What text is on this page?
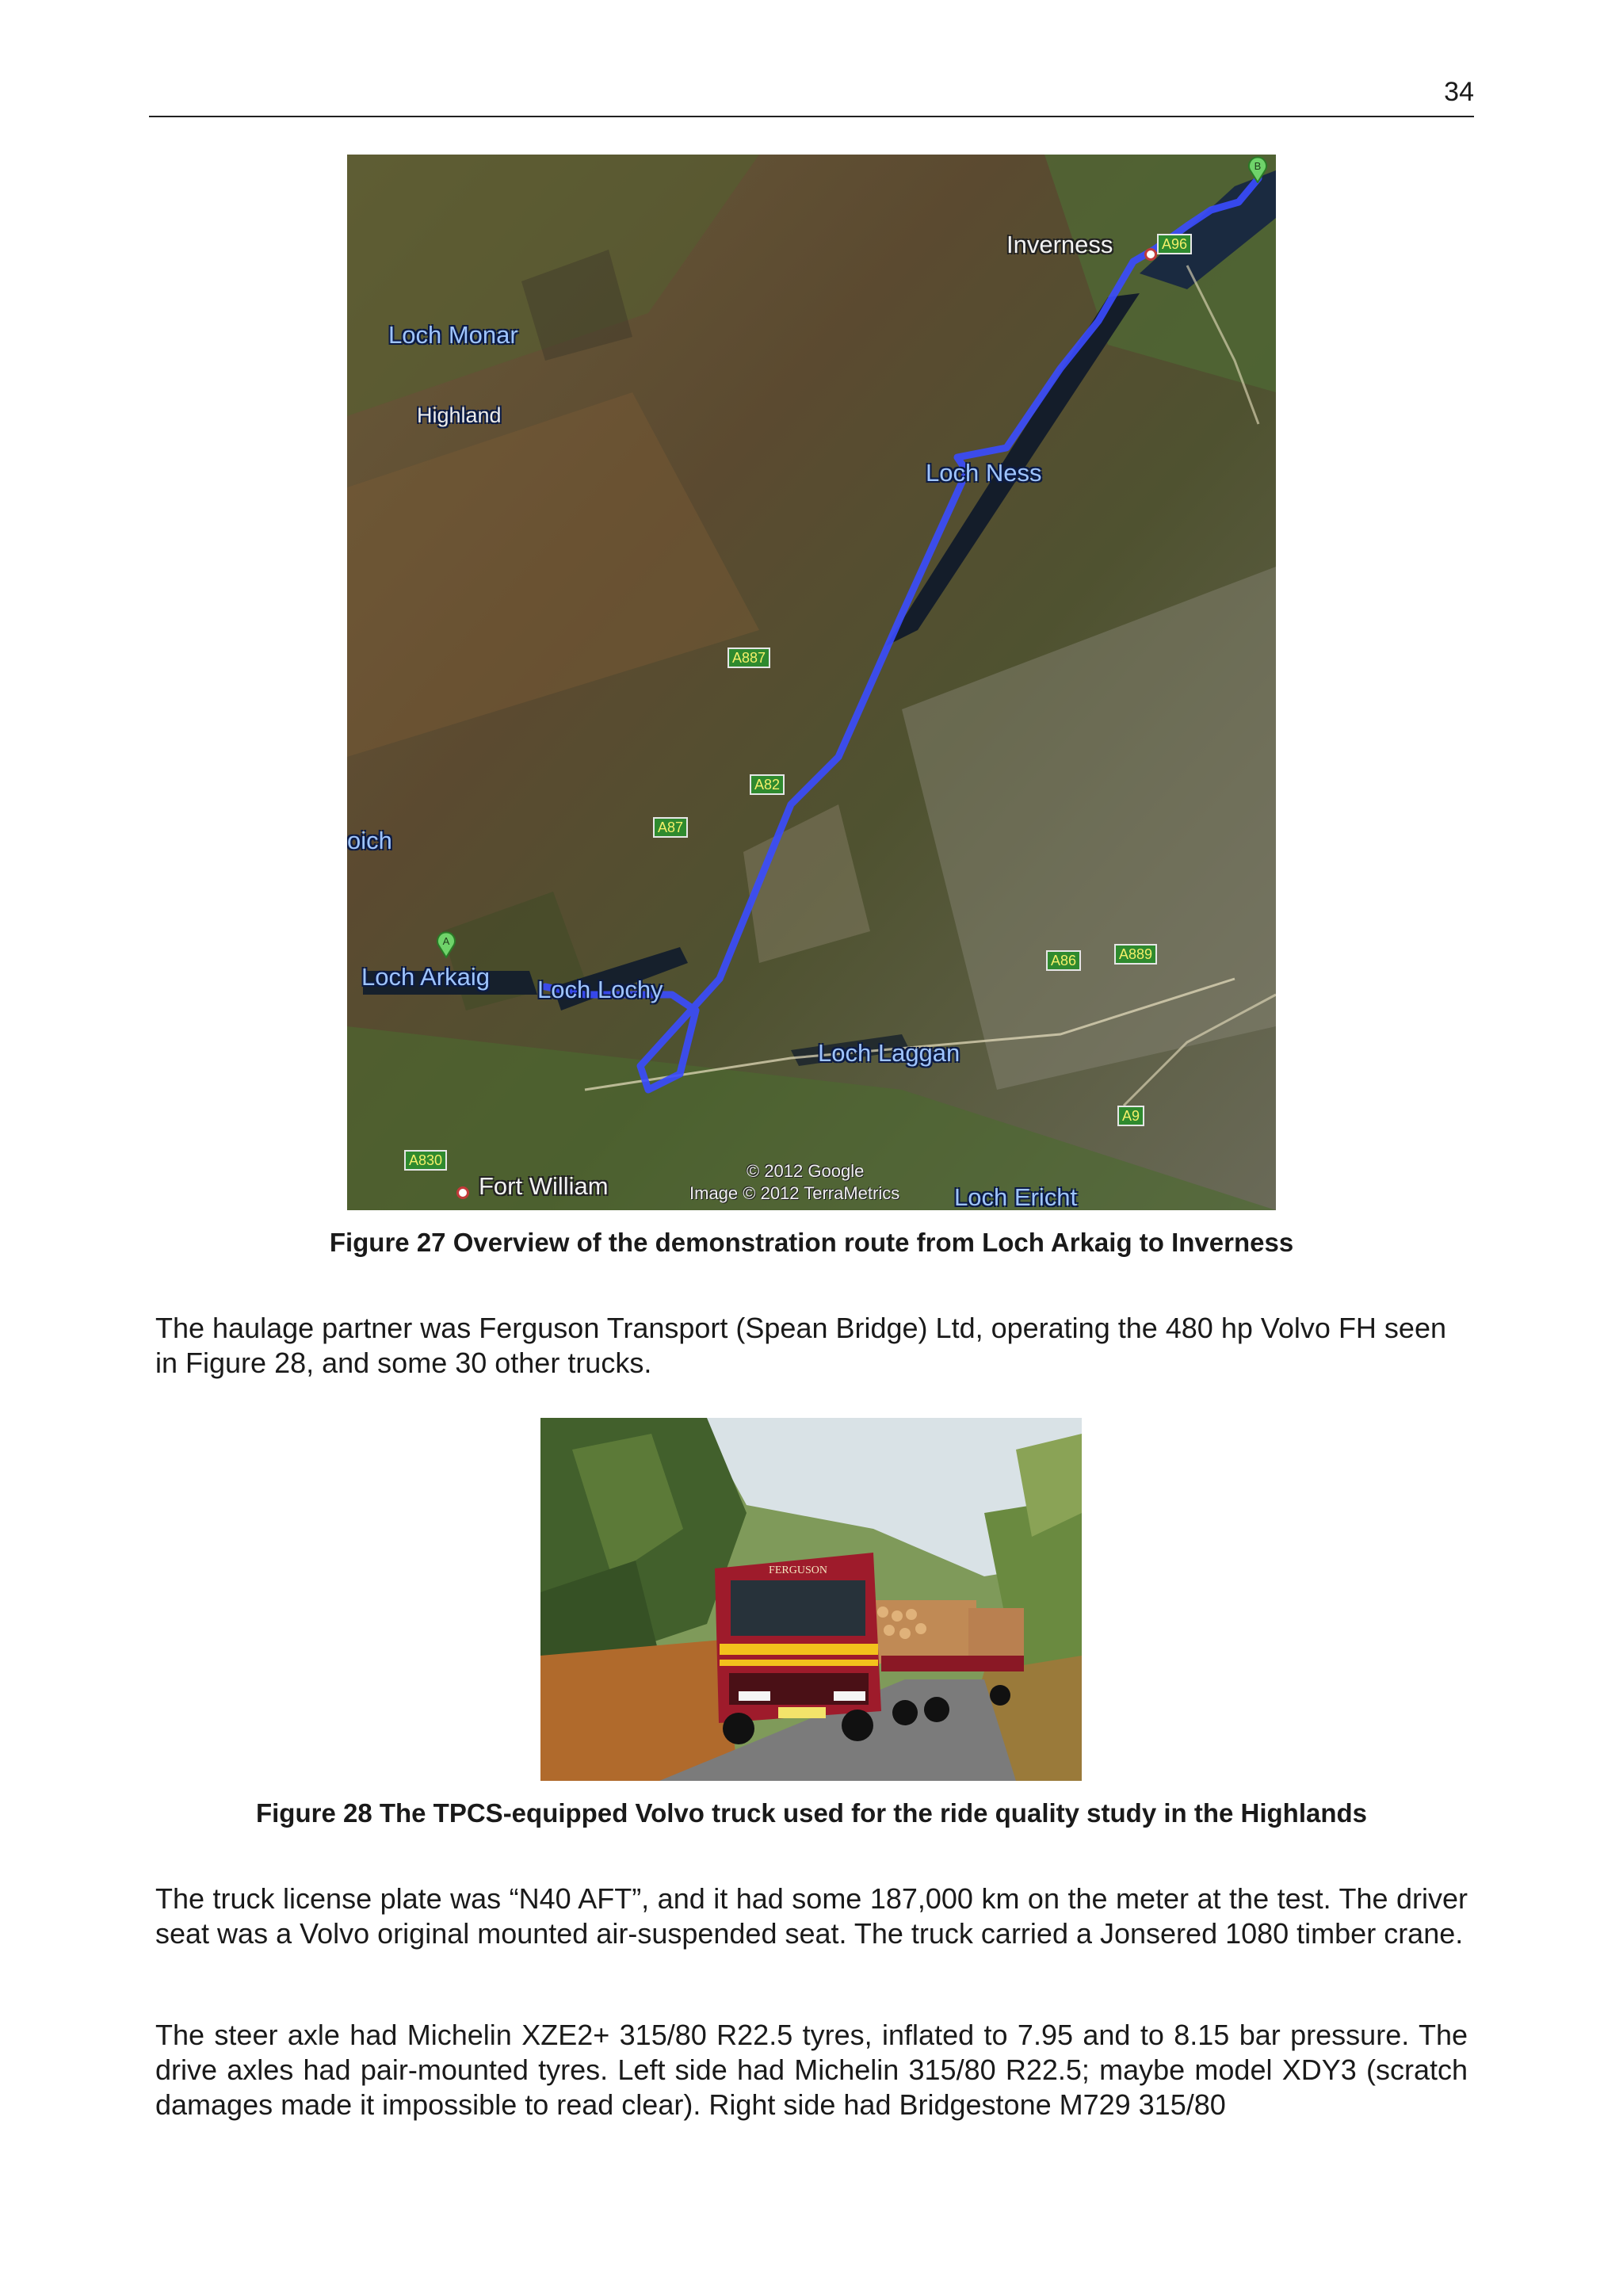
34
Inverness
Loch Monar
Highland
Loch Ness
oich
Loch Arkaig Loch Lochy
Loch Laggan
Fort William	Loch Ericht
A96
A887
A82
A87
A86	A889
A9
A830
A
B
© 2012 Google
Image © 2012 TerraMetrics
Figure 27 Overview of the demonstration route from Loch Arkaig to Inverness
The haulage partner was Ferguson Transport (Spean Bridge) Ltd, operating the 480 hp Volvo FH seen in Figure 28, and some 30 other trucks.
FERGUSON
Figure 28 The TPCS-equipped Volvo truck used for the ride quality study in the Highlands
The truck license plate was “N40 AFT”, and it had some 187,000 km on the meter at the test. The driver seat was a Volvo original mounted air-suspended seat. The truck carried a Jonsered 1080 timber crane.
The steer axle had Michelin XZE2+ 315/80 R22.5 tyres, inflated to 7.95 and to 8.15 bar pressure. The drive axles had pair-mounted tyres. Left side had Michelin 315/80 R22.5; maybe model XDY3 (scratch damages made it impossible to read clear). Right side had Bridgestone M729 315/80
